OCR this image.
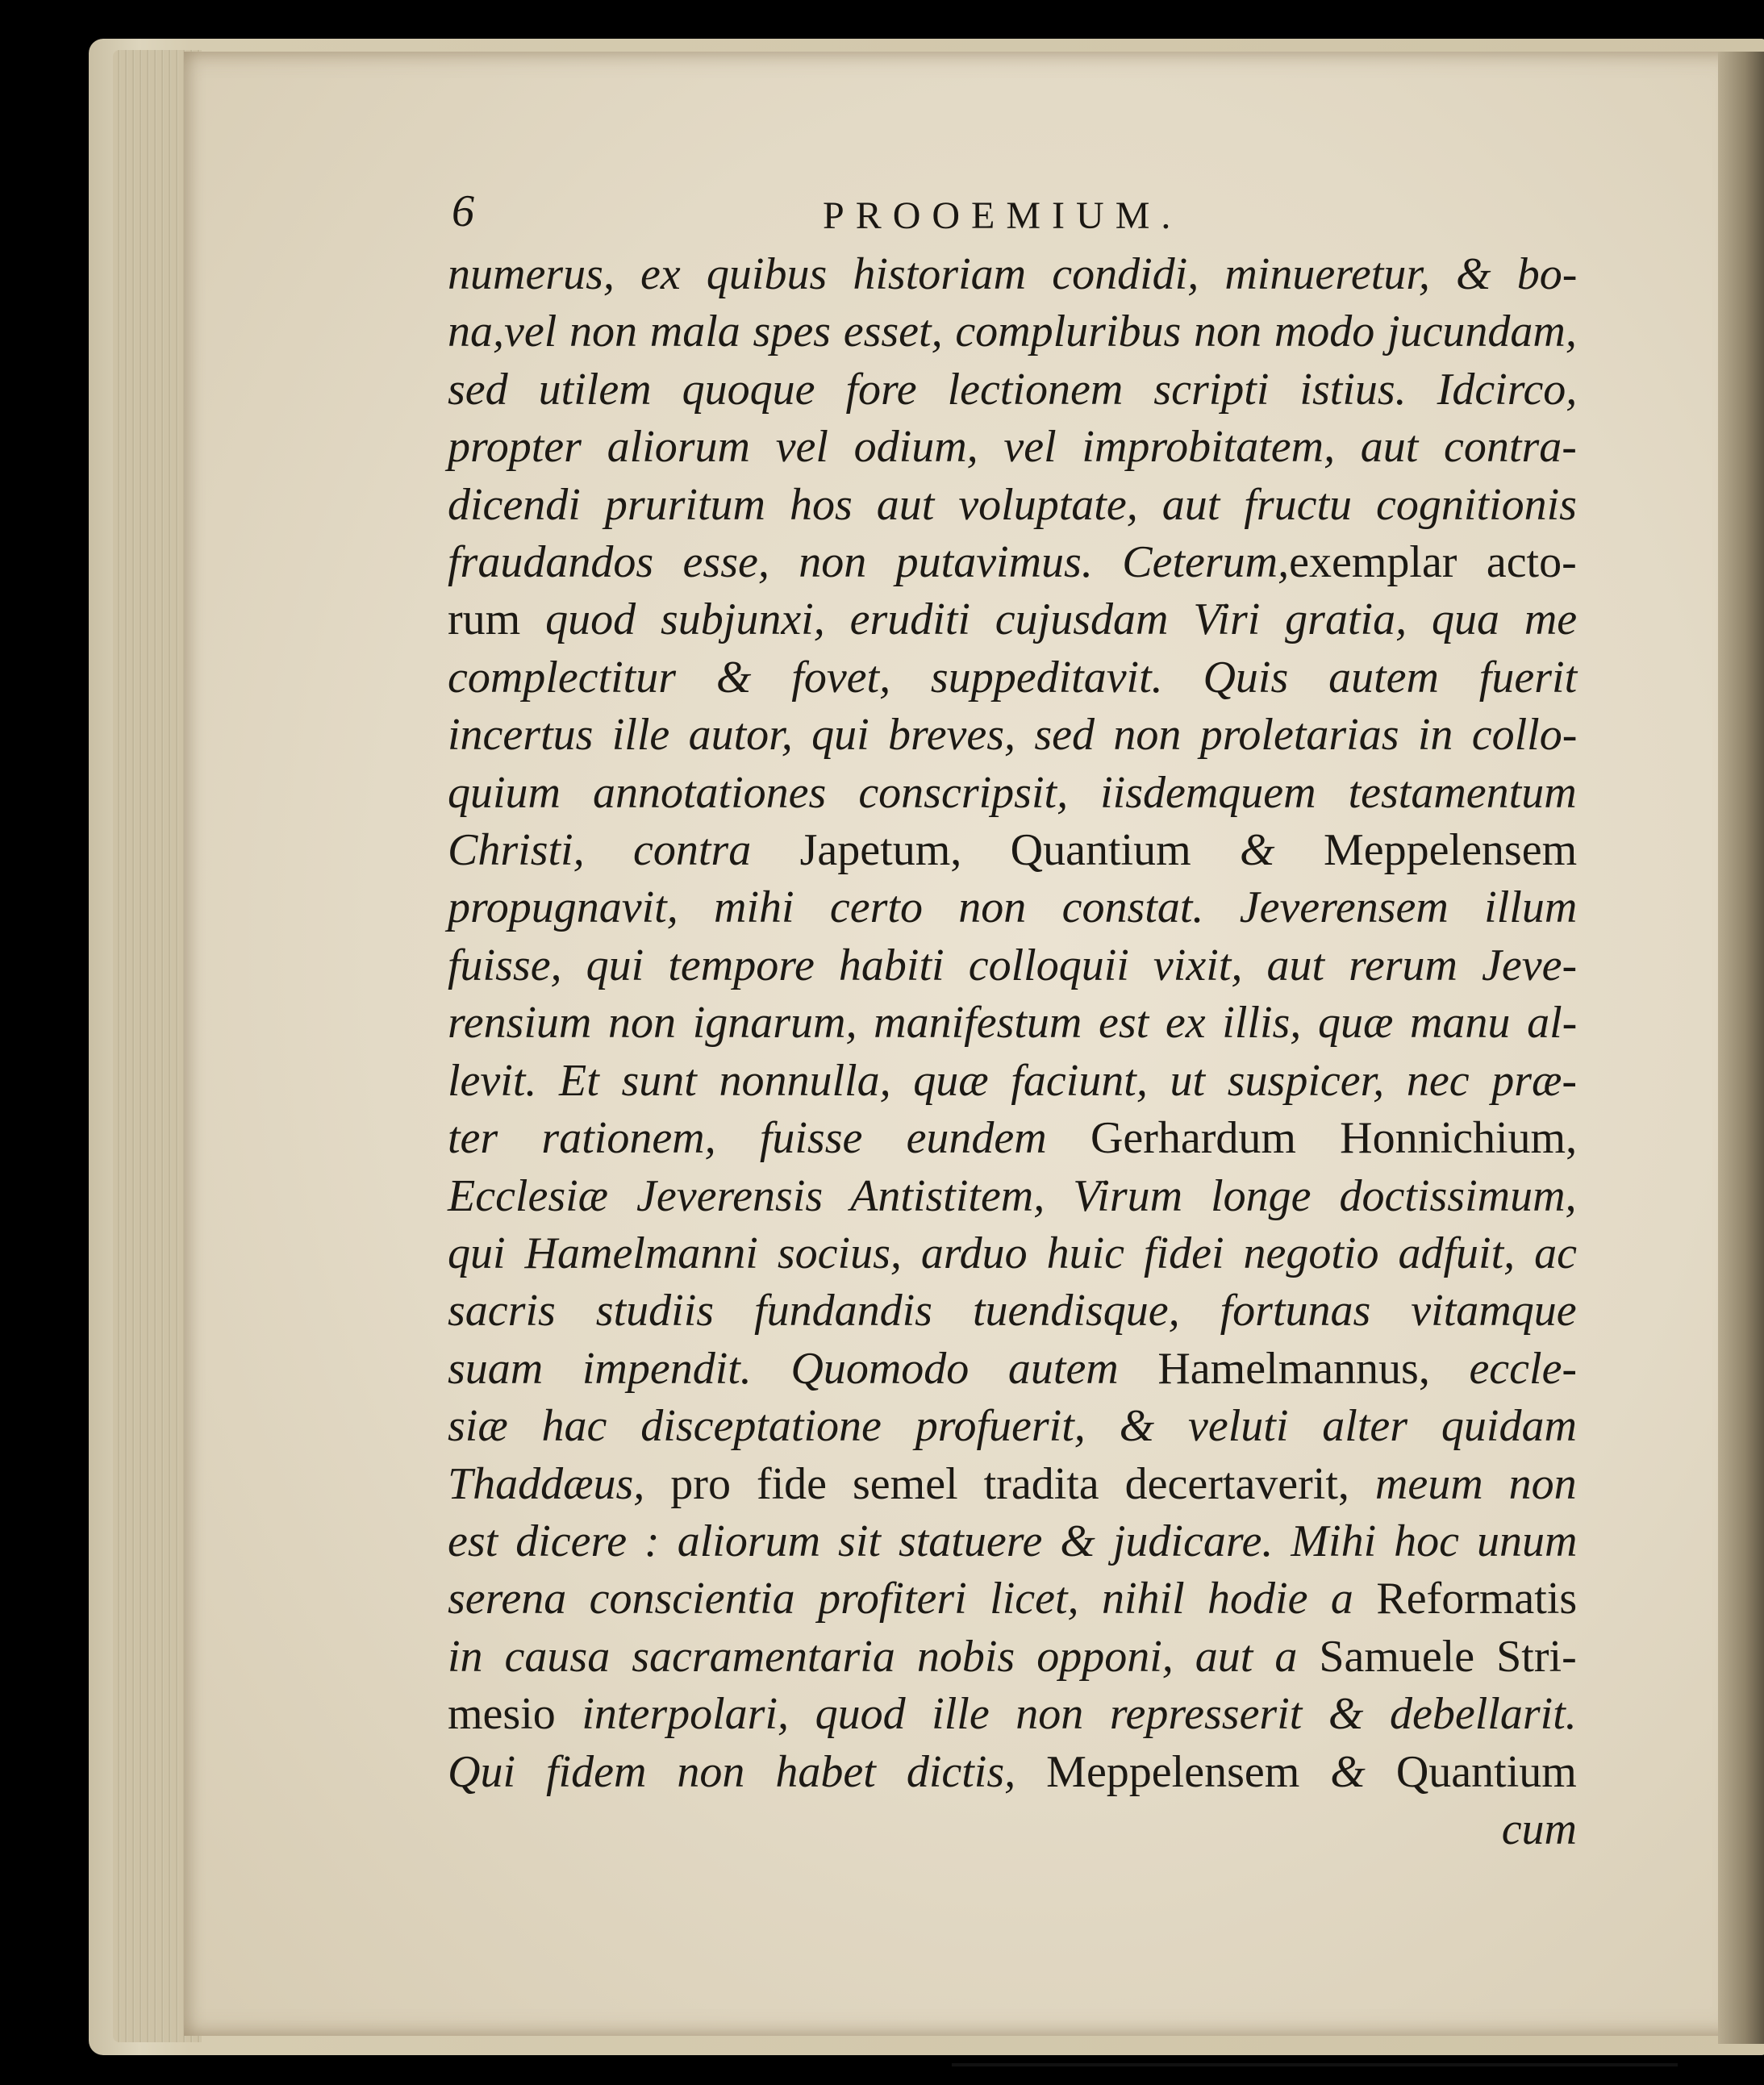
6	PROOEMIUM.
numerus, ex quibus historiam condidi, minueretur, & bo-
na,vel non mala spes esset, compluribus non modo jucundam,
sed utilem quoque fore lectionem scripti istius. Idcirco,
propter aliorum vel odium, vel improbitatem, aut contra-
dicendi pruritum hos aut voluptate, aut fructu cognitionis
fraudandos esse, non putavimus. Ceterum,exemplar acto-
rum quod subjunxi, eruditi cujusdam Viri gratia, qua me
complectitur & fovet, suppeditavit. Quis autem fuerit
incertus ille autor, qui breves, sed non proletarias in collo-
quium annotationes conscripsit, iisdemquem testamentum
Christi, contra Japetum, Quantium & Meppelensem
propugnavit, mihi certo non constat. Jeverensem illum
fuisse, qui tempore habiti colloquii vixit, aut rerum Jeve-
rensium non ignarum, manifestum est ex illis, quæ manu al-
levit. Et sunt nonnulla, quæ faciunt, ut suspicer, nec præ-
ter rationem, fuisse eundem Gerhardum Honnichium,
Ecclesiæ Jeverensis Antistitem, Virum longe doctissimum,
qui Hamelmanni socius, arduo huic fidei negotio adfuit, ac
sacris studiis fundandis tuendisque, fortunas vitamque
suam impendit. Quomodo autem Hamelmannus, eccle-
siæ hac disceptatione profuerit, & veluti alter quidam
Thaddæus, pro fide semel tradita decertaverit, meum non
est dicere : aliorum sit statuere & judicare. Mihi hoc unum
serena conscientia profiteri licet, nihil hodie a Reformatis
in causa sacramentaria nobis opponi, aut a Samuele Stri-
mesio interpolari, quod ille non represserit & debellarit.
Qui fidem non habet dictis, Meppelensem & Quantium
cum
